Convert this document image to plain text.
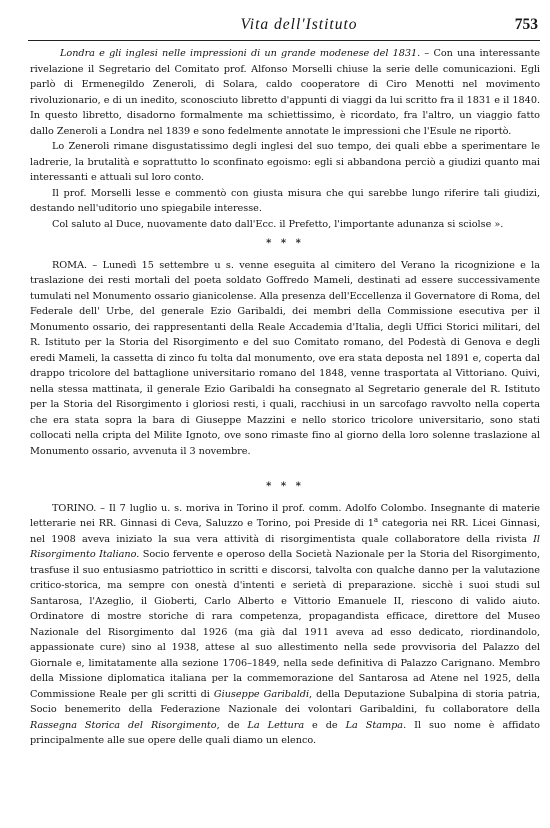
Vita dell'Istituto	753

Londra e gli inglesi nelle impressioni di un grande modenese del 1831. – Con una interessante rivelazione il Segretario del Comitato prof. Alfonso Morselli chiuse la serie delle comunicazioni. Egli parlò di Ermenegildo Zeneroli, di Solara, caldo cooperatore di Ciro Menotti nel movimento rivoluzionario, e di un inedito, sconosciuto libretto d'appunti di viaggi da lui scritto fra il 1831 e il 1840. In questo libretto, disadorno formalmente ma schiettissimo, è ricordato, fra l'altro, un viaggio fatto dallo Zeneroli a Londra nel 1839 e sono fedelmente annotate le impressioni che l'Esule ne riportò.

Lo Zeneroli rimane disgustatissimo degli inglesi del suo tempo, dei quali ebbe a sperimentare le ladrerie, la brutalità e soprattutto lo sconfinato egoismo: egli si abbandona perciò a giudizi quanto mai interessanti e attuali sul loro conto.

Il prof. Morselli lesse e commentò con giusta misura che qui sarebbe lungo riferire tali giudizi, destando nell'uditorio uno spiegabile interesse.

Col saluto al Duce, nuovamente dato dall'Ecc. il Prefetto, l'importante adunanza si sciolse ».

* * *

ROMA. – Lunedì 15 settembre u s. venne eseguita al cimitero del Verano la ricognizione e la traslazione dei resti mortali del poeta soldato Goffredo Mameli, destinati ad essere successivamente tumulati nel Monumento ossario gianicolense. Alla presenza dell'Eccellenza il Governatore di Roma, del Federale dell' Urbe, del generale Ezio Garibaldi, dei membri della Commissione esecutiva per il Monumento ossario, dei rappresentanti della Reale Accademia d'Italia, degli Uffici Storici militari, del R. Istituto per la Storia del Risorgimento e del suo Comitato romano, del Podestà di Genova e degli eredi Mameli, la cassetta di zinco fu tolta dal monumento, ove era stata deposta nel 1891 e, coperta dal drappo tricolore del battaglione universitario romano del 1848, venne trasportata al Vittoriano. Quivi, nella stessa mattinata, il generale Ezio Garibaldi ha consegnato al Segretario generale del R. Istituto per la Storia del Risorgimento i gloriosi resti, i quali, racchiusi in un sarcofago ravvolto nella coperta che era stata sopra la bara di Giuseppe Mazzini e nello storico tricolore universitario, sono stati collocati nella cripta del Milite Ignoto, ove sono rimaste fino al giorno della loro solenne traslazione al Monumento ossario, avvenuta il 3 novembre.

* * *

TORINO. – Il 7 luglio u. s. moriva in Torino il prof. comm. Adolfo Colombo. Insegnante di materie letterarie nei RR. Ginnasi di Ceva, Saluzzo e Torino, poi Preside di 1$^a$ categoria nei RR. Licei Ginnasi, nel 1908 aveva iniziato la sua vera attività di risorgimentista quale collaboratore della rivista Il Risorgimento Italiano. Socio fervente e operoso della Società Nazionale per la Storia del Risorgimento, trasfuse il suo entusiasmo patriottico in scritti e discorsi, talvolta con qualche danno per la valutazione critico-storica, ma sempre con onestà d'intenti e serietà di preparazione. sicchè i suoi studi sul Santarosa, l'Azeglio, il Gioberti, Carlo Alberto e Vittorio Emanuele II, riescono di valido aiuto. Ordinatore di mostre storiche di rara competenza, propagandista efficace, direttore del Museo Nazionale del Risorgimento dal 1926 (ma già dal 1911 aveva ad esso dedicato, riordinandolo, appassionate cure) sino al 1938, attese al suo allestimento nella sede provvisoria del Palazzo del Giornale e, limitatamente alla sezione 1706–1849, nella sede definitiva di Palazzo Carignano. Membro della Missione diplomatica italiana per la commemorazione del Santarosa ad Atene nel 1925, della Commissione Reale per gli scritti di Giuseppe Garibaldi, della Deputazione Subalpina di storia patria, Socio benemerito della Federazione Nazionale dei volontari Garibaldini, fu collaboratore della Rassegna Storica del Risorgimento, de La Lettura e de La Stampa. Il suo nome è affidato principalmente alle sue opere delle quali diamo un elenco.
